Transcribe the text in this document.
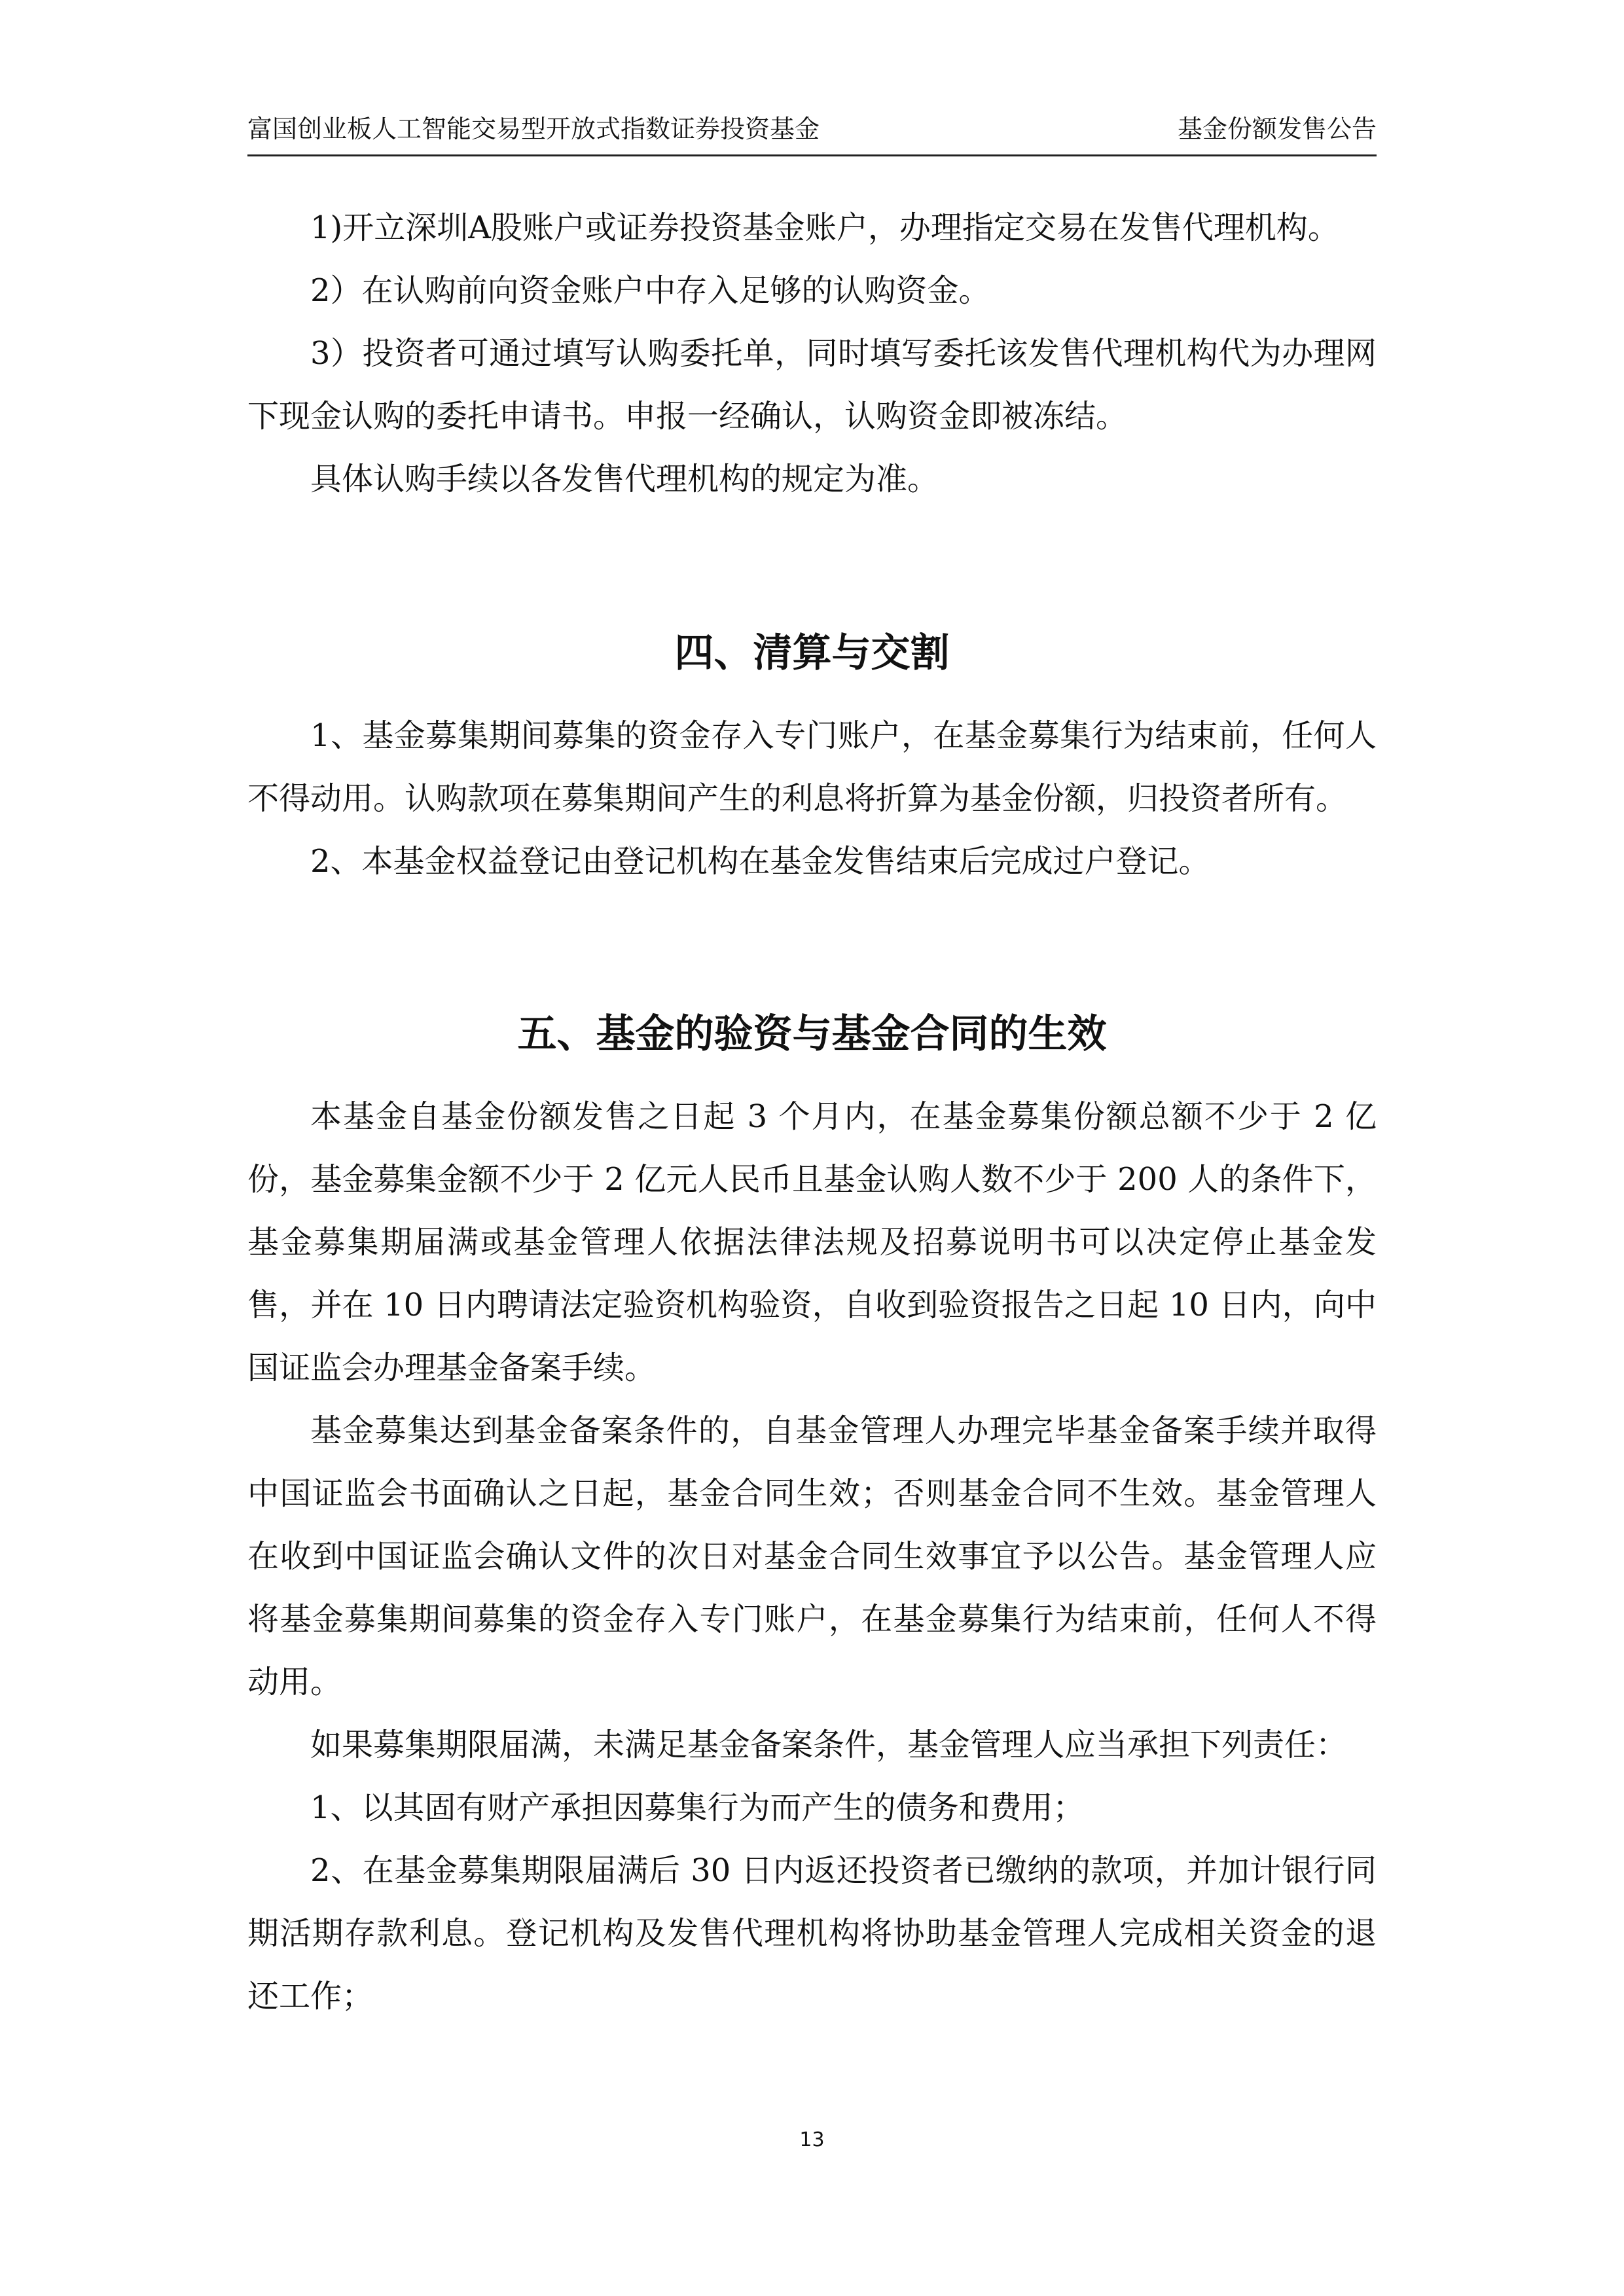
富国创业板人工智能交易型开放式指数证券投资基金	基金份额发售公告

1)开立深圳A股账户或证券投资基金账户，办理指定交易在发售代理机构。

2）在认购前向资金账户中存入足够的认购资金。

3）投资者可通过填写认购委托单，同时填写委托该发售代理机构代为办理网下现金认购的委托申请书。申报一经确认，认购资金即被冻结。

具体认购手续以各发售代理机构的规定为准。

四、清算与交割

1、基金募集期间募集的资金存入专门账户，在基金募集行为结束前，任何人不得动用。认购款项在募集期间产生的利息将折算为基金份额，归投资者所有。

2、本基金权益登记由登记机构在基金发售结束后完成过户登记。

五、基金的验资与基金合同的生效

本基金自基金份额发售之日起 3 个月内，在基金募集份额总额不少于 2 亿份，基金募集金额不少于 2 亿元人民币且基金认购人数不少于 200 人的条件下，基金募集期届满或基金管理人依据法律法规及招募说明书可以决定停止基金发售，并在 10 日内聘请法定验资机构验资，自收到验资报告之日起 10 日内，向中国证监会办理基金备案手续。

基金募集达到基金备案条件的，自基金管理人办理完毕基金备案手续并取得中国证监会书面确认之日起，基金合同生效；否则基金合同不生效。基金管理人在收到中国证监会确认文件的次日对基金合同生效事宜予以公告。基金管理人应将基金募集期间募集的资金存入专门账户，在基金募集行为结束前，任何人不得动用。

如果募集期限届满，未满足基金备案条件，基金管理人应当承担下列责任：

1、以其固有财产承担因募集行为而产生的债务和费用；

2、在基金募集期限届满后 30 日内返还投资者已缴纳的款项，并加计银行同期活期存款利息。登记机构及发售代理机构将协助基金管理人完成相关资金的退还工作；

13
